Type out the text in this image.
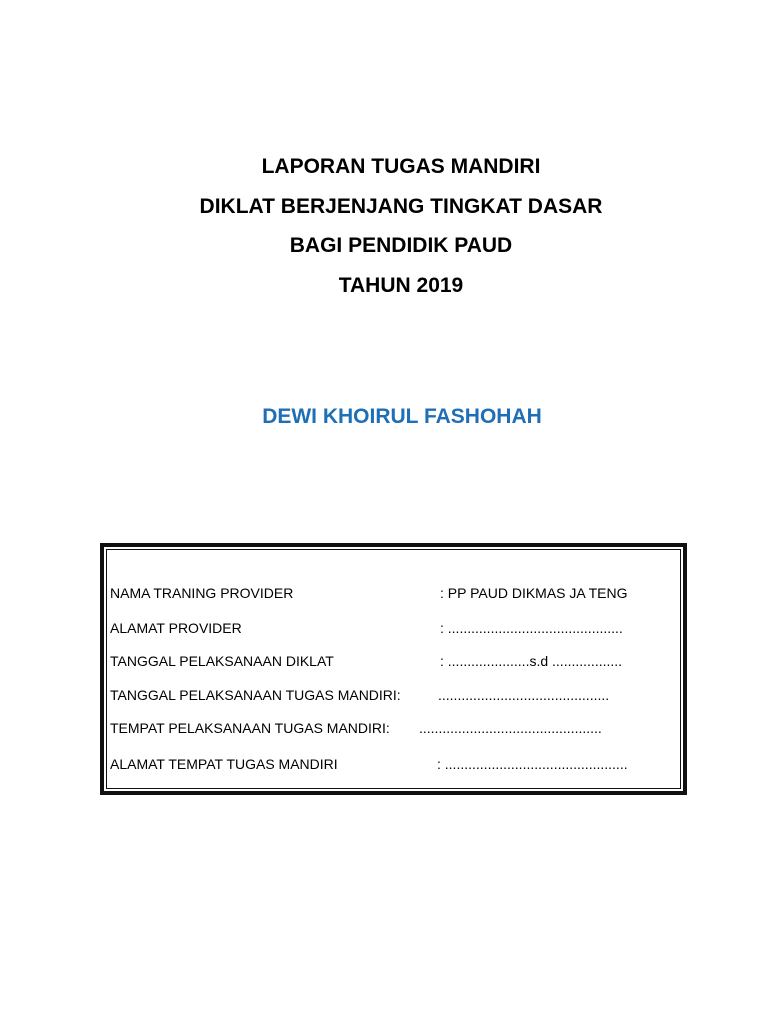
LAPORAN TUGAS MANDIRI
DIKLAT BERJENJANG TINGKAT DASAR
BAGI PENDIDIK PAUD
TAHUN 2019
DEWI KHOIRUL FASHOHAH
NAMA TRANING PROVIDER	: PP PAUD DIKMAS JA TENG
ALAMAT PROVIDER	: .............................................
TANGGAL PELAKSANAAN DIKLAT	: .....................s.d ..................
TANGGAL PELAKSANAAN TUGAS MANDIRI:	............................................
TEMPAT PELAKSANAAN TUGAS MANDIRI: ...............................................
ALAMAT TEMPAT TUGAS MANDIRI	: ...............................................
